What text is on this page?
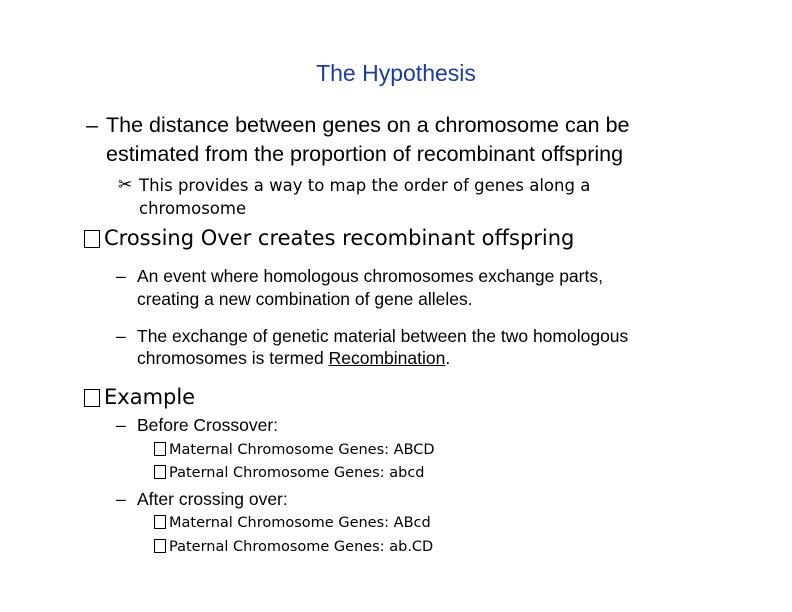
The Hypothesis
– The distance between genes on a chromosome can be
estimated from the proportion of recombinant offspring
✂ This provides a way to map the order of genes along a
chromosome
Crossing Over creates recombinant offspring
– An event where homologous chromosomes exchange parts,
creating a new combination of gene alleles.
– The exchange of genetic material between the two homologous
chromosomes is termed Recombination.
Example
– Before Crossover:
Maternal Chromosome Genes: ABCD
Paternal Chromosome Genes: abcd
– After crossing over:
Maternal Chromosome Genes: ABcd
Paternal Chromosome Genes: ab.CD
